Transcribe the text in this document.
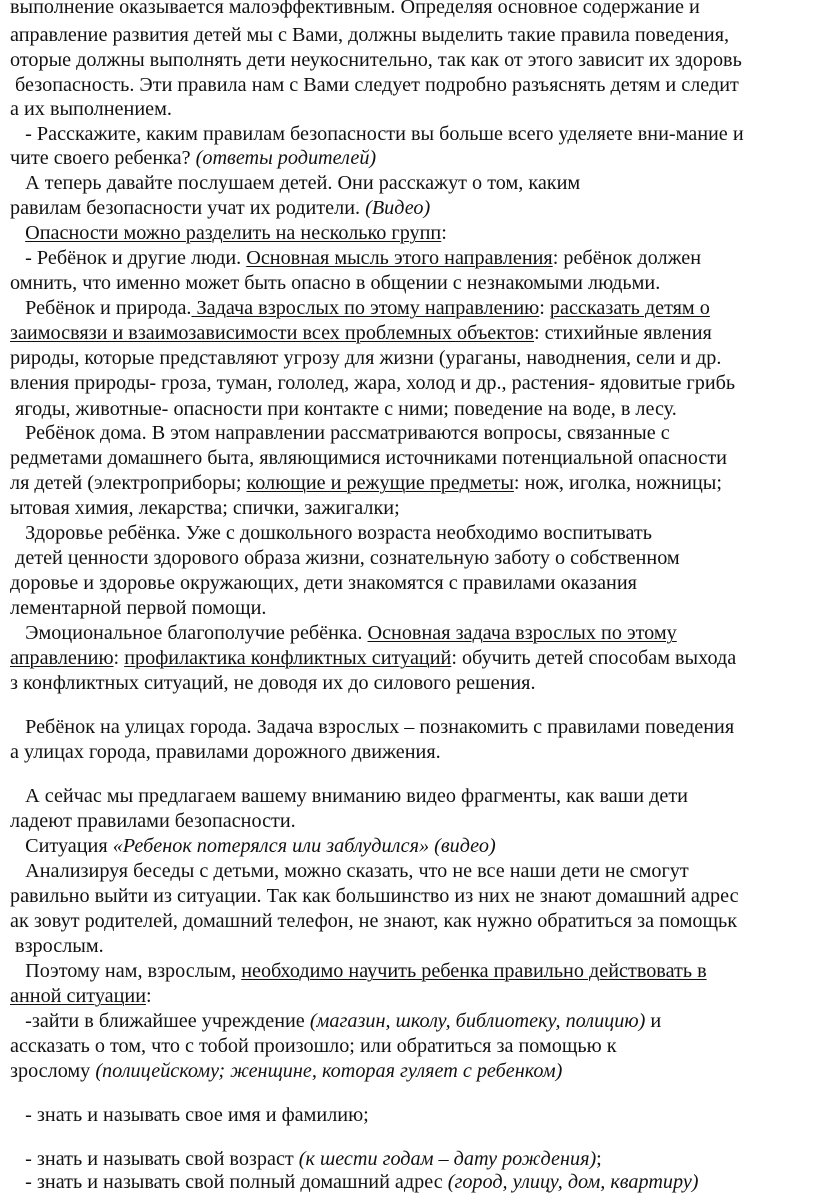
выполнение оказывается малоэффективным. Определяя основное содержание и
аправление развития детей мы с Вами, должны выделить такие правила поведения,
оторые должны выполнять дети неукоснительно, так как от этого зависит их здоровь
безопасность. Эти правила нам с Вами следует подробно разъяснять детям и следит
а их выполнением.
- Расскажите, каким правилам безопасности вы больше всего уделяете вни-мание и
чите своего ребенка? (ответы родителей)
А теперь давайте послушаем детей. Они расскажут о том, каким
равилам безопасности учат их родители. (Видео)
Опасности можно разделить на несколько групп:
- Ребёнок и другие люди. Основная мысль этого направления: ребёнок должен
омнить, что именно может быть опасно в общении с незнакомыми людьми.
Ребёнок и природа. Задача взрослых по этому направлению: рассказать детям о
заимосвязи и взаимозависимости всех проблемных объектов: стихийные явления
рироды, которые представляют угрозу для жизни (ураганы, наводнения, сели и др.
вления природы- гроза, туман, гололед, жара, холод и др., растения- ядовитые грибь
ягоды, животные- опасности при контакте с ними; поведение на воде, в лесу.
Ребёнок дома. В этом направлении рассматриваются вопросы, связанные с
редметами домашнего быта, являющимися источниками потенциальной опасности
ля детей (электроприборы; колющие и режущие предметы: нож, иголка, ножницы;
ытовая химия, лекарства; спички, зажигалки;
Здоровье ребёнка. Уже с дошкольного возраста необходимо воспитывать
детей ценности здорового образа жизни, сознательную заботу о собственном
доровье и здоровье окружающих, дети знакомятся с правилами оказания
лементарной первой помощи.
Эмоциональное благополучие ребёнка. Основная задача взрослых по этому
аправлению: профилактика конфликтных ситуаций: обучить детей способам выхода
з конфликтных ситуаций, не доводя их до силового решения.
Ребёнок на улицах города. Задача взрослых – познакомить с правилами поведения
а улицах города, правилами дорожного движения.
А сейчас мы предлагаем вашему вниманию видео фрагменты, как ваши дети
ладеют правилами безопасности.
Ситуация «Ребенок потерялся или заблудился» (видео)
Анализируя беседы с детьми, можно сказать, что не все наши дети не смогут
равильно выйти из ситуации. Так как большинство из них не знают домашний адрес
ак зовут родителей, домашний телефон, не знают, как нужно обратиться за помощьк
взрослым.
Поэтому нам, взрослым, необходимо научить ребенка правильно действовать в
анной ситуации:
-зайти в ближайшее учреждение (магазин, школу, библиотеку, полицию) и
ассказать о том, что с тобой произошло; или обратиться за помощью к
зрослому (полицейскому; женщине, которая гуляет с ребенком)
- знать и называть свое имя и фамилию;
- знать и называть свой возраст (к шести годам – дату рождения);
- знать и называть свой полный домашний адрес (город, улицу, дом, квартиру)
